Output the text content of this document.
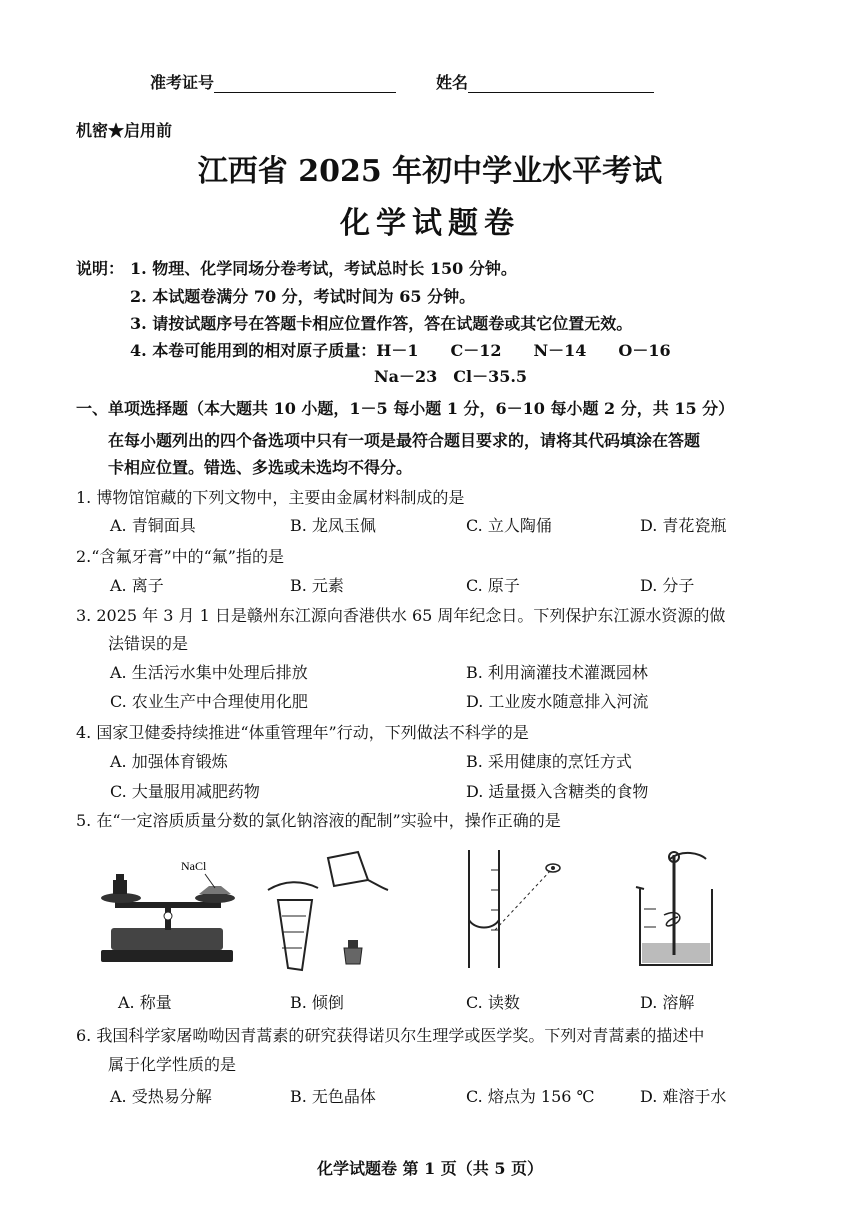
准考证号	姓名
机密★启用前
江西省 2025 年初中学业水平考试
化学试题卷
说明： 1. 物理、化学同场分卷考试，考试总时长 150 分钟。
2. 本试题卷满分 70 分，考试时间为 65 分钟。
3. 请按试题序号在答题卡相应位置作答，答在试题卷或其它位置无效。
4. 本卷可能用到的相对原子质量：H－1　　C－12　　N－14　　O－16
Na－23　Cl－35.5
一、单项选择题（本大题共 10 小题，1－5 每小题 1 分，6－10 每小题 2 分，共 15 分）
在每小题列出的四个备选项中只有一项是最符合题目要求的，请将其代码填涂在答题
卡相应位置。错选、多选或未选均不得分。
1. 博物馆馆藏的下列文物中，主要由金属材料制成的是
A. 青铜面具	B. 龙凤玉佩	C. 立人陶俑	D. 青花瓷瓶
2.“含氟牙膏”中的“氟”指的是
A. 离子	B. 元素	C. 原子	D. 分子
3. 2025 年 3 月 1 日是赣州东江源向香港供水 65 周年纪念日。下列保护东江源水资源的做
法错误的是
A. 生活污水集中处理后排放	B. 利用滴灌技术灌溉园林
C. 农业生产中合理使用化肥	D. 工业废水随意排入河流
4. 国家卫健委持续推进“体重管理年”行动，下列做法不科学的是
A. 加强体育锻炼	B. 采用健康的烹饪方式
C. 大量服用减肥药物	D. 适量摄入含糖类的食物
5. 在“一定溶质质量分数的氯化钠溶液的配制”实验中，操作正确的是
NaCl
A. 称量	B. 倾倒	C. 读数	D. 溶解
6. 我国科学家屠呦呦因青蒿素的研究获得诺贝尔生理学或医学奖。下列对青蒿素的描述中
属于化学性质的是
A. 受热易分解	B. 无色晶体	C. 熔点为 156 ℃	D. 难溶于水
化学试题卷 第 1 页（共 5 页）
